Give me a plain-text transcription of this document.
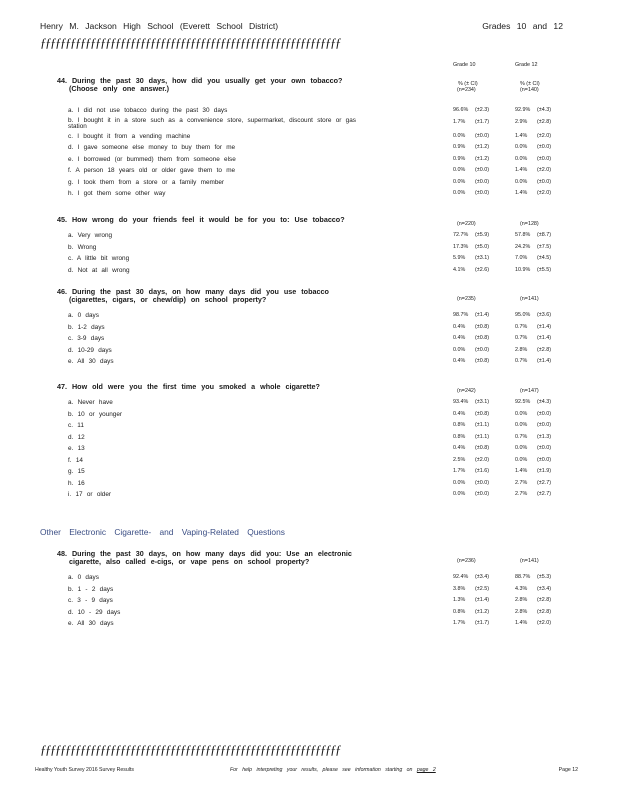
Henry M. Jackson High School (Everett School District)	Grades 10 and 12
ƒƒƒƒƒƒƒƒƒƒƒƒƒƒƒƒƒƒƒƒƒƒƒƒƒƒƒƒƒƒƒƒƒƒƒƒƒƒƒƒƒƒƒƒƒƒƒƒƒƒƒƒƒƒƒƒƒƒƒƒ
Grade 10	Grade 12
44. During the past 30 days, how did you usually get your own tobacco?
(Choose only one answer.)	% (± CI)	% (± CI)
(n=234)	(n=140)
a. I did not use tobacco during the past 30 days	96.6% (±2.3)	92.9% (±4.3)
b. I bought it in a store such as a convenience store, supermarket, discount store or gas station
1.7% (±1.7)	2.9% (±2.8)
c. I bought it from a vending machine	0.0% (±0.0)	1.4% (±2.0)
d. I gave someone else money to buy them for me	0.9% (±1.2)	0.0% (±0.0)
e. I borrowed (or bummed) them from someone else	0.9% (±1.2)	0.0% (±0.0)
f. A person 18 years old or older gave them to me	0.0% (±0.0)	1.4% (±2.0)
g. I took them from a store or a family member	0.0% (±0.0)	0.0% (±0.0)
h. I got them some other way	0.0% (±0.0)	1.4% (±2.0)
45. How wrong do your friends feel it would be for you to: Use tobacco?	(n=220)	(n=128)
a. Very wrong	72.7% (±5.9)	57.8% (±8.7)
b. Wrong	17.3% (±5.0)	24.2% (±7.5)
c. A little bit wrong	5.9% (±3.1)	7.0% (±4.5)
d. Not at all wrong	4.1% (±2.6)	10.9% (±5.5)
46. During the past 30 days, on how many days did you use tobacco
(cigarettes, cigars, or chew/dip) on school property?	(n=235)	(n=141)
a. 0 days	98.7% (±1.4)	95.0% (±3.6)
b. 1-2 days	0.4% (±0.8)	0.7% (±1.4)
c. 3-9 days	0.4% (±0.8)	0.7% (±1.4)
d. 10-29 days	0.0% (±0.0)	2.8% (±2.8)
e. All 30 days	0.4% (±0.8)	0.7% (±1.4)
47. How old were you the first time you smoked a whole cigarette?	(n=242)	(n=147)
a. Never have	93.4% (±3.1)	92.5% (±4.3)
b. 10 or younger	0.4% (±0.8)	0.0% (±0.0)
c. 11	0.8% (±1.1)	0.0% (±0.0)
d. 12	0.8% (±1.1)	0.7% (±1.3)
e. 13	0.4% (±0.8)	0.0% (±0.0)
f. 14	2.5% (±2.0)	0.0% (±0.0)
g. 15	1.7% (±1.6)	1.4% (±1.9)
h. 16	0.0% (±0.0)	2.7% (±2.7)
i. 17 or older	0.0% (±0.0)	2.7% (±2.7)
48. During the past 30 days, on how many days did you: Use an electronic
cigarette, also called e-cigs, or vape pens on school property?	(n=236)	(n=141)
a. 0 days	92.4% (±3.4)	88.7% (±5.3)
b. 1 - 2 days	3.8% (±2.5)	4.3% (±3.4)
c. 3 - 9 days	1.3% (±1.4)	2.8% (±2.8)
d. 10 - 29 days	0.8% (±1.2)	2.8% (±2.8)
e. All 30 days	1.7% (±1.7)	1.4% (±2.0)
Other Electronic Cigarette- and Vaping-Related Questions
ƒƒƒƒƒƒƒƒƒƒƒƒƒƒƒƒƒƒƒƒƒƒƒƒƒƒƒƒƒƒƒƒƒƒƒƒƒƒƒƒƒƒƒƒƒƒƒƒƒƒƒƒƒƒƒƒƒƒƒƒ
Healthy Youth Survey 2016 Survey Results	For help interpreting your results, please see information starting on page 2	Page 12
